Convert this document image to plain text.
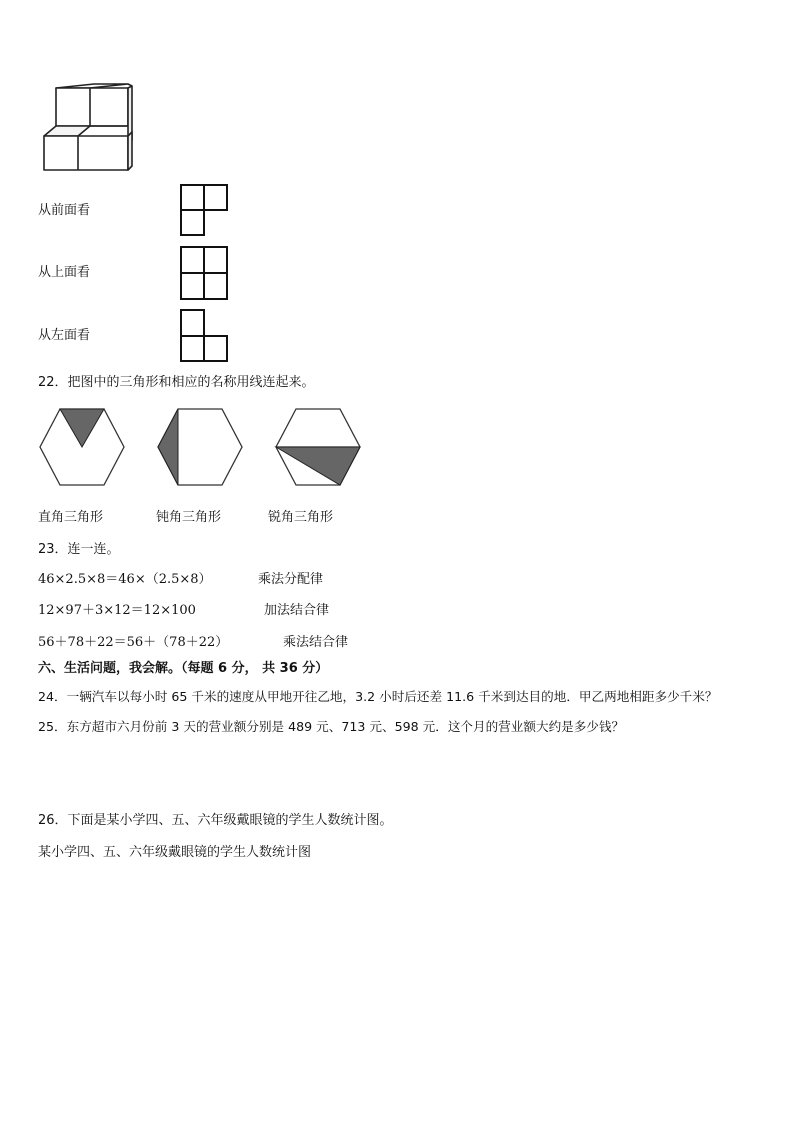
从前面看
从上面看
从左面看
22．把图中的三角形和相应的名称用线连起来。
直角三角形	钝角三角形	锐角三角形
23．连一连。
46×2.5×8＝46×（2.5×8）	乘法分配律
12×97＋3×12＝12×100	加法结合律
56＋78＋22＝56＋（78＋22）	乘法结合律
六、生活问题，我会解。（每题 6 分， 共 36 分）
24．一辆汽车以每小时 65 千米的速度从甲地开往乙地，3.2 小时后还差 11.6 千米到达目的地．甲乙两地相距多少千米？
25．东方超市六月份前 3 天的营业额分别是 489 元、713 元、598 元．这个月的营业额大约是多少钱？
26．下面是某小学四、五、六年级戴眼镜的学生人数统计图。
某小学四、五、六年级戴眼镜的学生人数统计图
